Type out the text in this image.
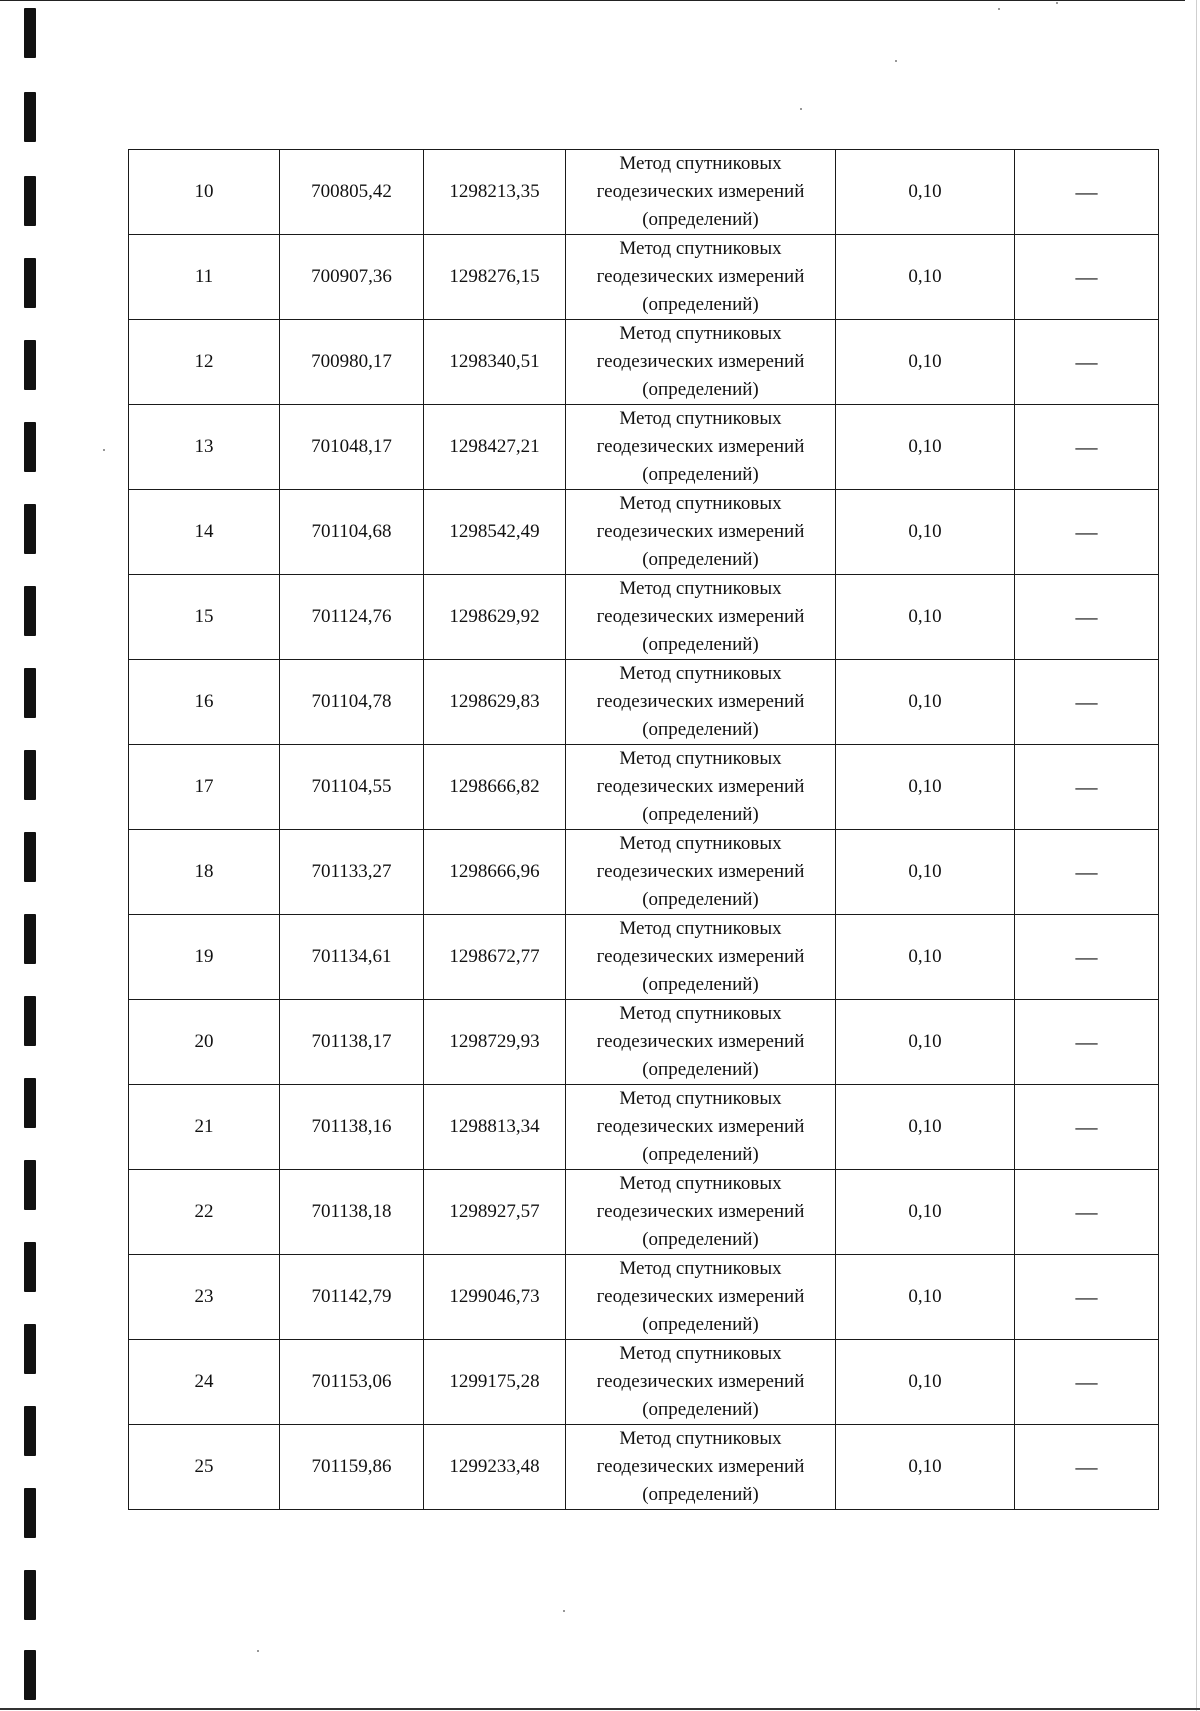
10	700805,42	1298213,35	Метод спутниковых
геодезических измерений
(определений)	0,10	—
11	700907,36	1298276,15	Метод спутниковых
геодезических измерений
(определений)	0,10	—
12	700980,17	1298340,51	Метод спутниковых
геодезических измерений
(определений)	0,10	—
13	701048,17	1298427,21	Метод спутниковых
геодезических измерений
(определений)	0,10	—
14	701104,68	1298542,49	Метод спутниковых
геодезических измерений
(определений)	0,10	—
15	701124,76	1298629,92	Метод спутниковых
геодезических измерений
(определений)	0,10	—
16	701104,78	1298629,83	Метод спутниковых
геодезических измерений
(определений)	0,10	—
17	701104,55	1298666,82	Метод спутниковых
геодезических измерений
(определений)	0,10	—
18	701133,27	1298666,96	Метод спутниковых
геодезических измерений
(определений)	0,10	—
19	701134,61	1298672,77	Метод спутниковых
геодезических измерений
(определений)	0,10	—
20	701138,17	1298729,93	Метод спутниковых
геодезических измерений
(определений)	0,10	—
21	701138,16	1298813,34	Метод спутниковых
геодезических измерений
(определений)	0,10	—
22	701138,18	1298927,57	Метод спутниковых
геодезических измерений
(определений)	0,10	—
23	701142,79	1299046,73	Метод спутниковых
геодезических измерений
(определений)	0,10	—
24	701153,06	1299175,28	Метод спутниковых
геодезических измерений
(определений)	0,10	—
25	701159,86	1299233,48	Метод спутниковых
геодезических измерений
(определений)	0,10	—
